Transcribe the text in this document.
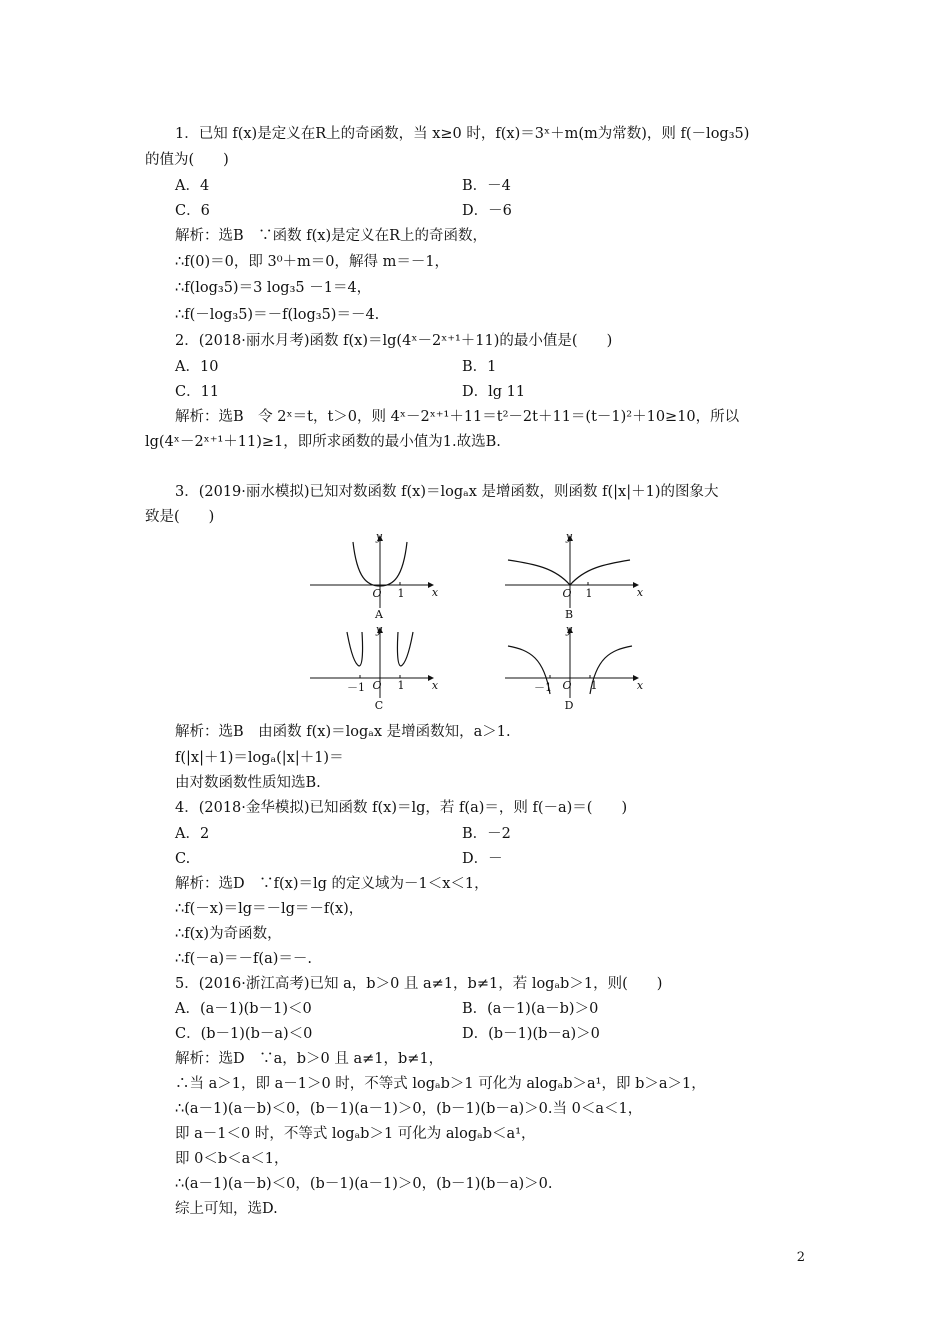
1．已知 f(x)是定义在R上的奇函数，当 x≥0 时，f(x)＝3ˣ＋m(m为常数)，则 f(－log₃5)
的值为(　　)
A．4	B．－4
C．6	D．－6
解析：选B　∵函数 f(x)是定义在R上的奇函数，
∴f(0)＝0，即 3⁰＋m＝0，解得 m＝－1，
∴f(log₃5)＝3 log₃5 －1＝4，
∴f(－log₃5)＝－f(log₃5)＝－4.
2．(2018·丽水月考)函数 f(x)＝lg(4ˣ－2ˣ⁺¹＋11)的最小值是(　　)
A．10	B．1
C．11	D．lg 11
解析：选B　令 2ˣ＝t，t＞0，则 4ˣ－2ˣ⁺¹＋11＝t²－2t＋11＝(t－1)²＋10≥10，所以
lg(4ˣ－2ˣ⁺¹＋11)≥1，即所求函数的最小值为1.故选B.
3．(2019·丽水模拟)已知对数函数 f(x)＝logₐx 是增函数，则函数 f(|x|＋1)的图象大
致是(　　)
y
O	1	x
A
y
O	1	x
B
y
O
－1	1	x
C
y
O
－1	1	x
D
解析：选B　由函数 f(x)＝logₐx 是增函数知，a＞1.
f(|x|＋1)＝logₐ(|x|＋1)＝
由对数函数性质知选B.
4．(2018·金华模拟)已知函数 f(x)＝lg，若 f(a)＝，则 f(－a)＝(　　)
A．2	B．－2
C.	D．－
解析：选D　∵f(x)＝lg 的定义域为－1＜x＜1，
∴f(－x)＝lg＝－lg＝－f(x)，
∴f(x)为奇函数，
∴f(－a)＝－f(a)＝－.
5．(2016·浙江高考)已知 a，b＞0 且 a≠1，b≠1，若 logₐb＞1，则(　　)
A．(a－1)(b－1)＜0	B．(a－1)(a－b)＞0
C．(b－1)(b－a)＜0	D．(b－1)(b－a)＞0
解析：选D　∵a，b＞0 且 a≠1，b≠1，
∴当 a＞1，即 a－1＞0 时，不等式 logₐb＞1 可化为 alogₐb＞a¹，即 b＞a＞1，
∴(a－1)(a－b)＜0，(b－1)(a－1)＞0，(b－1)(b－a)＞0.当 0＜a＜1，
即 a－1＜0 时，不等式 logₐb＞1 可化为 alogₐb＜a¹，
即 0＜b＜a＜1，
∴(a－1)(a－b)＜0，(b－1)(a－1)＞0，(b－1)(b－a)＞0.
综上可知，选D.
2
